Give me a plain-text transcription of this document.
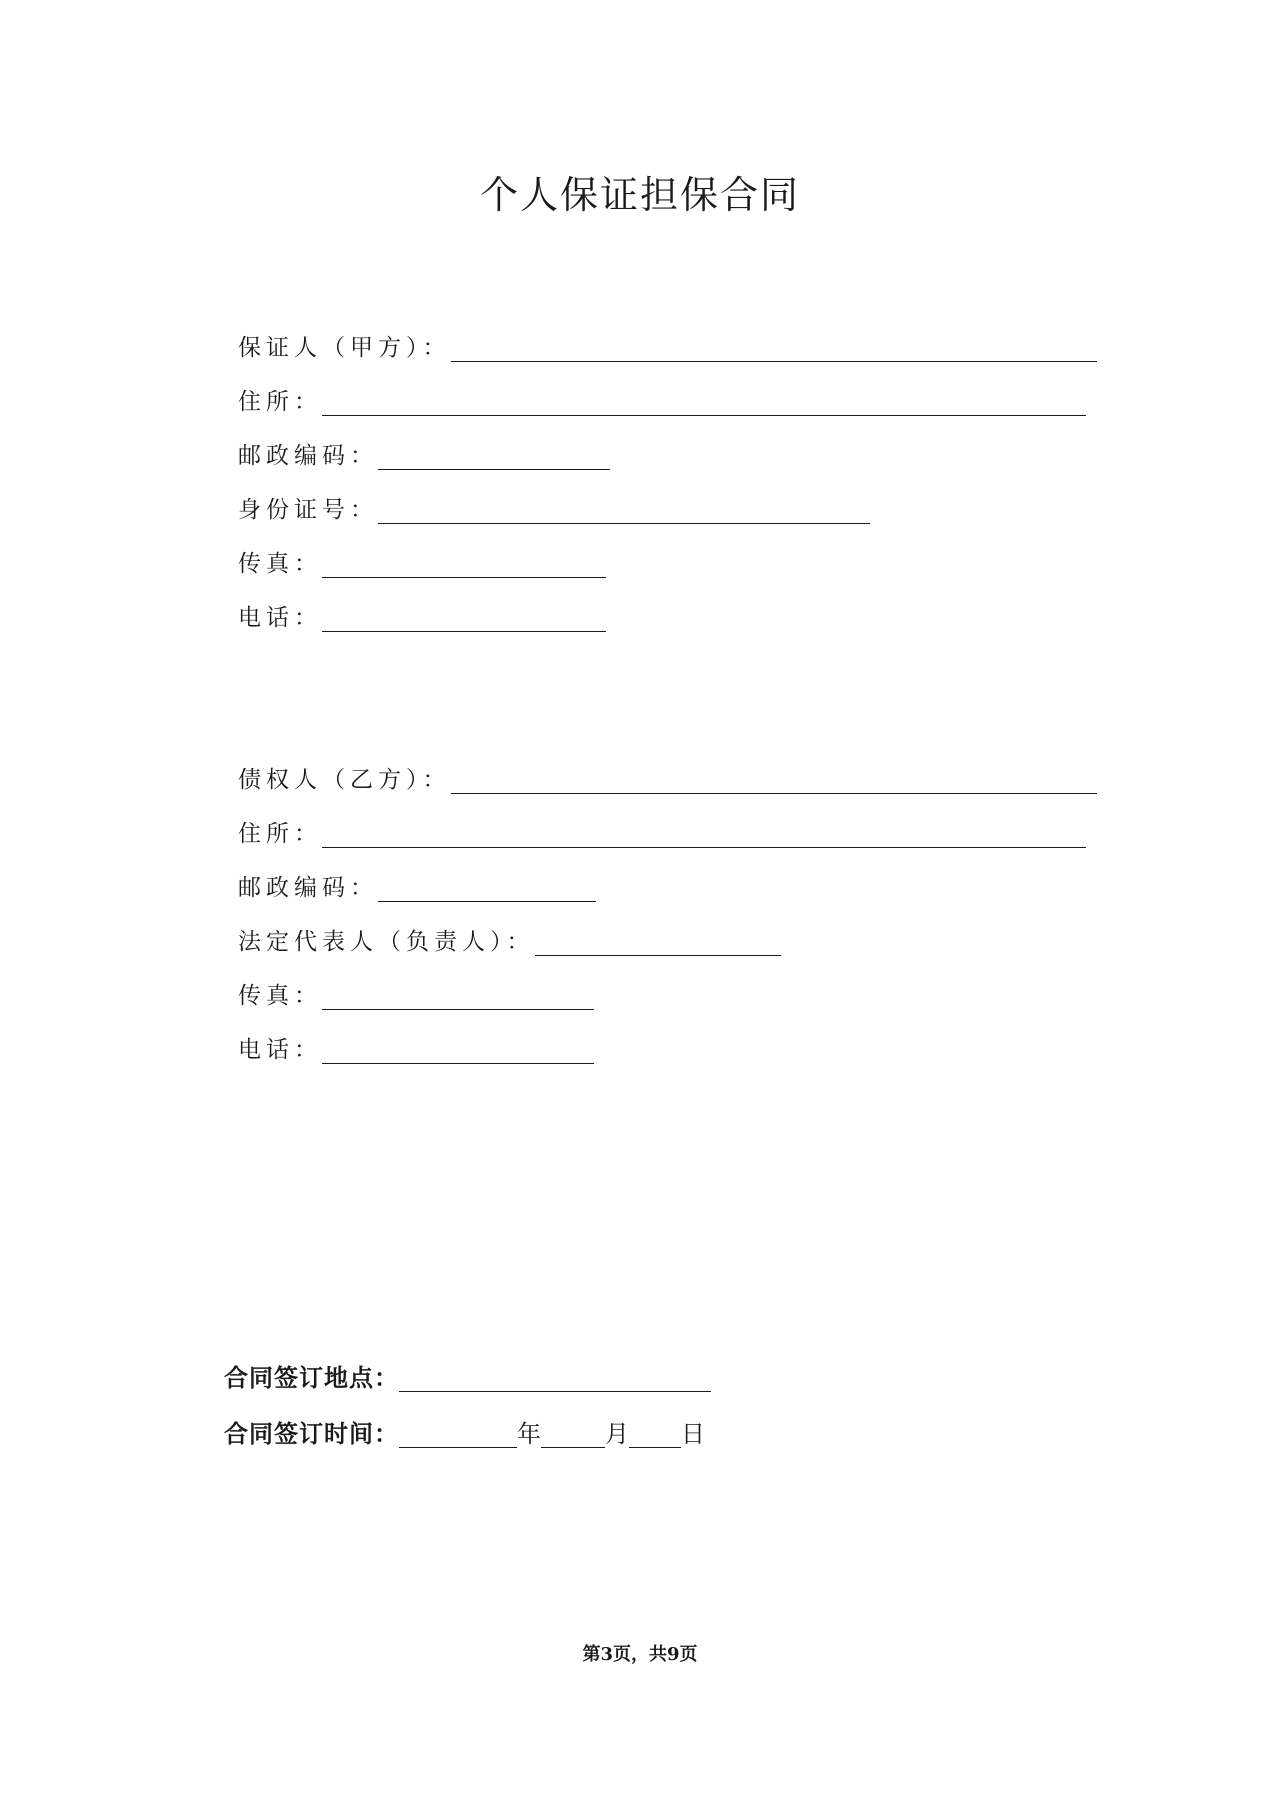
个人保证担保合同
保证人（甲方）：
住所：
邮政编码：
身份证号：
传真：
电话：
债权人（乙方）：
住所：
邮政编码：
法定代表人（负责人）：
传真：
电话：
合同签订地点：
合同签订时间：	年	月 日
第3页，共9页
